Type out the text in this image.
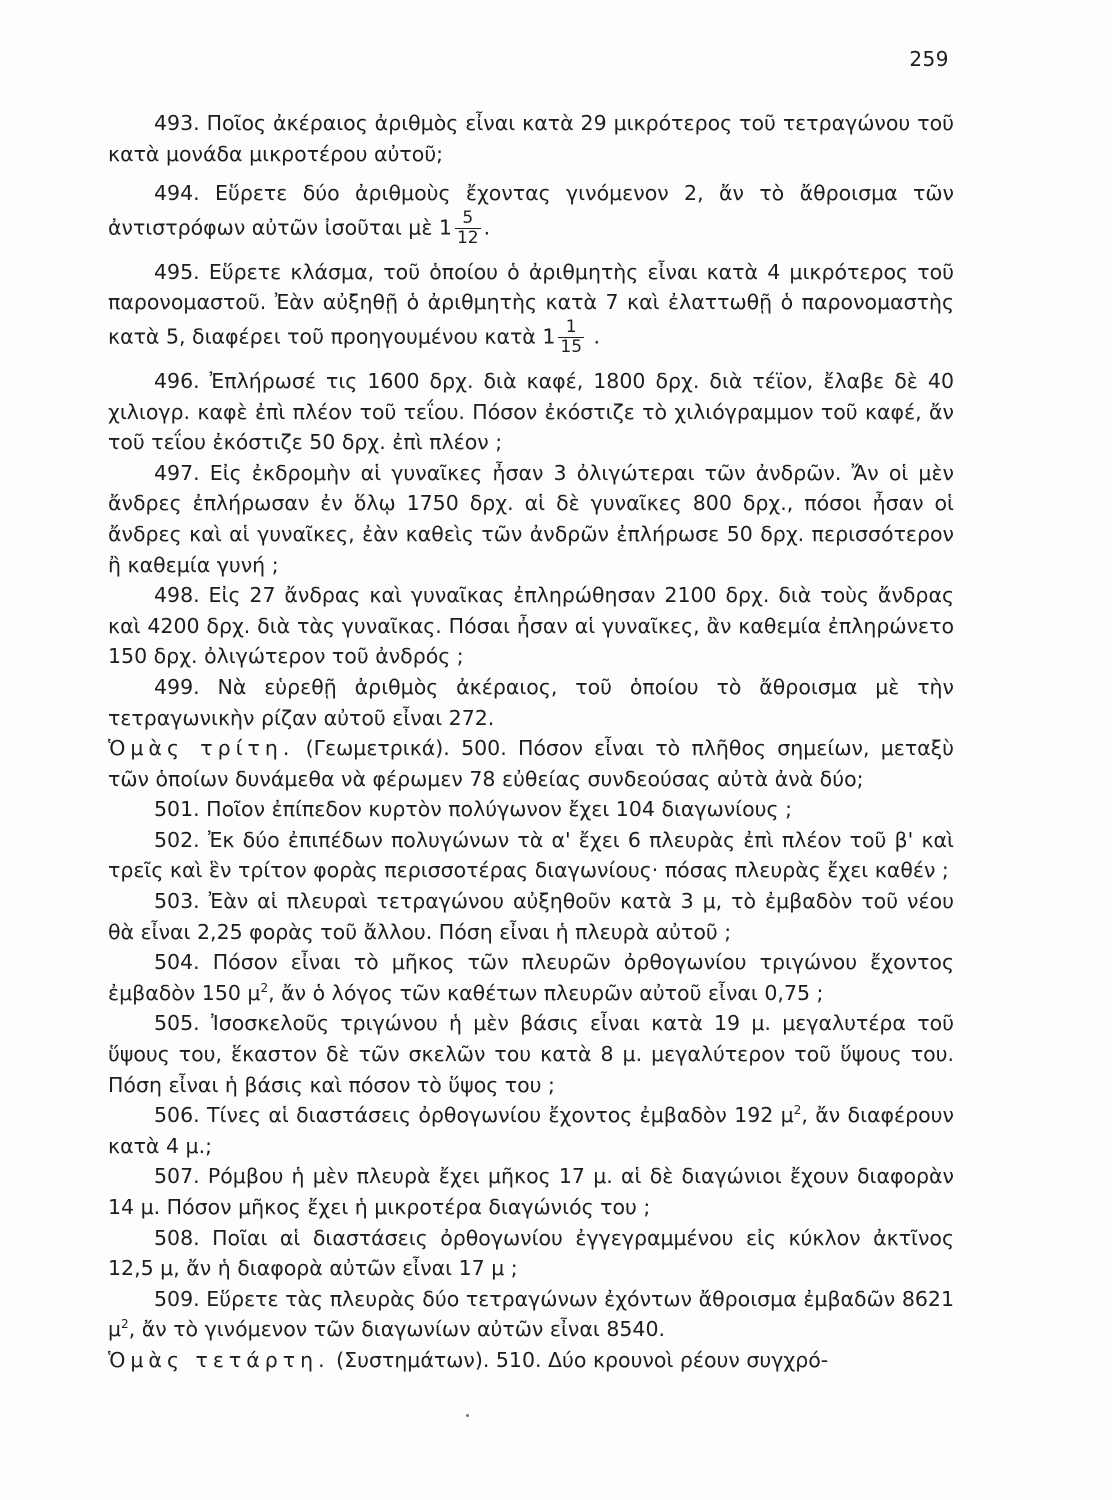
259

493. Ποῖος ἀκέραιος ἀριθμὸς εἶναι κατὰ 29 μικρότερος τοῦ τετραγώνου τοῦ κατὰ μονάδα μικροτέρου αὐτοῦ;

494. Εὕρετε δύο ἀριθμοὺς ἔχοντας γινόμενον 2, ἄν τὸ ἄθροισμα τῶν ἀντιστρόφων αὐτῶν ἰσοῦται μὲ $1 \frac{5}{12}$ .

495. Εὕρετε κλάσμα, τοῦ ὁποίου ὁ ἀριθμητὴς εἶναι κατὰ 4 μικρότερος τοῦ παρονομαστοῦ. Ἐὰν αὐξηθῇ ὁ ἀριθμητὴς κατὰ 7 καὶ ἐλαττωθῇ ὁ παρονομαστὴς κατὰ 5, διαφέρει τοῦ προηγουμένου κατὰ $1 \frac{1}{15}$ .

496. Ἐπλήρωσέ τις 1600 δρχ. διὰ καφέ, 1800 δρχ. διὰ τέϊον, ἔλαβε δὲ 40 χιλιογρ. καφὲ ἐπὶ πλέον τοῦ τεΐου. Πόσον ἐκόστιζε τὸ χιλιόγραμμον τοῦ καφέ, ἄν τοῦ τεΐου ἐκόστιζε 50 δρχ. ἐπὶ πλέον ;

497. Εἰς ἐκδρομὴν αἱ γυναῖκες ἦσαν 3 ὀλιγώτεραι τῶν ἀνδρῶν. Ἄν οἱ μὲν ἄνδρες ἐπλήρωσαν ἐν ὅλῳ 1750 δρχ. αἱ δὲ γυναῖκες 800 δρχ., πόσοι ἦσαν οἱ ἄνδρες καὶ αἱ γυναῖκες, ἐὰν καθεὶς τῶν ἀνδρῶν ἐπλήρωσε 50 δρχ. περισσότερον ἢ καθεμία γυνή ;

498. Εἰς 27 ἄνδρας καὶ γυναῖκας ἐπληρώθησαν 2100 δρχ. διὰ τοὺς ἄνδρας καὶ 4200 δρχ. διὰ τὰς γυναῖκας. Πόσαι ἦσαν αἱ γυναῖκες, ἂν καθεμία ἐπληρώνετο 150 δρχ. ὀλιγώτερον τοῦ ἀνδρός ;

499. Νὰ εὑρεθῇ ἀριθμὸς ἀκέραιος, τοῦ ὁποίου τὸ ἄθροισμα μὲ τὴν τετραγωνικὴν ρίζαν αὐτοῦ εἶναι 272.

Ὁμὰς τρίτη. (Γεωμετρικά). 500. Πόσον εἶναι τὸ πλῆθος σημείων, μεταξὺ τῶν ὁποίων δυνάμεθα νὰ φέρωμεν 78 εὐθείας συνδεούσας αὐτὰ ἀνὰ δύο;

501. Ποῖον ἐπίπεδον κυρτὸν πολύγωνον ἔχει 104 διαγωνίους ;

502. Ἐκ δύο ἐπιπέδων πολυγώνων τὰ α' ἔχει 6 πλευρὰς ἐπὶ πλέον τοῦ β' καὶ τρεῖς καὶ ἓν τρίτον φορὰς περισσοτέρας διαγωνίους· πόσας πλευρὰς ἔχει καθέν ;

503. Ἐὰν αἱ πλευραὶ τετραγώνου αὐξηθοῦν κατὰ 3 μ, τὸ ἐμβαδὸν τοῦ νέου θὰ εἶναι 2,25 φορὰς τοῦ ἄλλου. Πόση εἶναι ἡ πλευρὰ αὐτοῦ ;

504. Πόσον εἶναι τὸ μῆκος τῶν πλευρῶν ὀρθογωνίου τριγώνου ἔχοντος ἐμβαδὸν 150 $\mu^2$, ἄν ὁ λόγος τῶν καθέτων πλευρῶν αὐτοῦ εἶναι 0,75 ;

505. Ἰσοσκελοῦς τριγώνου ἡ μὲν βάσις εἶναι κατὰ 19 μ. μεγαλυτέρα τοῦ ὕψους του, ἕκαστον δὲ τῶν σκελῶν του κατὰ 8 μ. μεγαλύτερον τοῦ ὕψους του. Πόση εἶναι ἡ βάσις καὶ πόσον τὸ ὕψος του ;

506. Τίνες αἱ διαστάσεις ὀρθογωνίου ἔχοντος ἐμβαδὸν 192 $\mu^2$, ἄν διαφέρουν κατὰ 4 μ.;

507. Ρόμβου ἡ μὲν πλευρὰ ἔχει μῆκος 17 μ. αἱ δὲ διαγώνιοι ἔχουν διαφορὰν 14 μ. Πόσον μῆκος ἔχει ἡ μικροτέρα διαγώνιός του ;

508. Ποῖαι αἱ διαστάσεις ὀρθογωνίου ἐγγεγραμμένου εἰς κύκλον ἀκτῖνος 12,5 μ, ἄν ἡ διαφορὰ αὐτῶν εἶναι 17 μ ;

509. Εὕρετε τὰς πλευρὰς δύο τετραγώνων ἐχόντων ἄθροισμα ἐμβαδῶν 8621 $\mu^2$, ἄν τὸ γινόμενον τῶν διαγωνίων αὐτῶν εἶναι 8540.

Ὁμὰς τετάρτη. (Συστημάτων). 510. Δύο κρουνοὶ ρέουν συγχρό-
